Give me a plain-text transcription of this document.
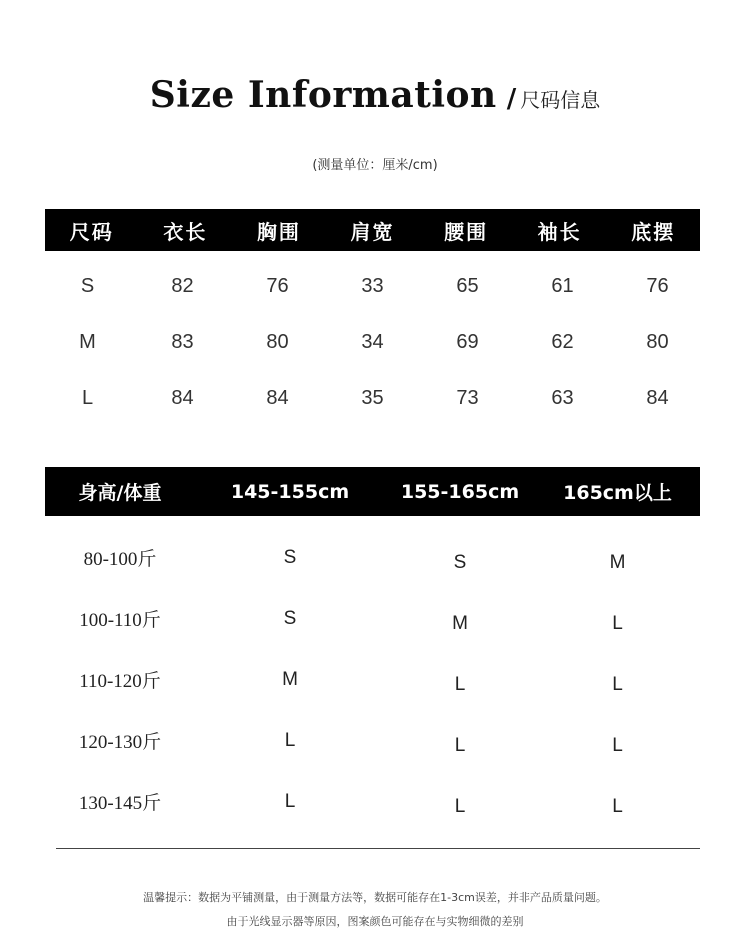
Size Information / 尺码信息
(测量单位：厘米/cm)
尺码	衣长	胸围	肩宽	腰围	袖长	底摆
S	82	76	33	65	61	76
M	83	80	34	69	62	80
L	84	84	35	73	63	84
身高/体重	145-155cm	155-165cm	165cm以上
80-100斤	S	S	M
100-110斤	S	M	L
110-120斤	M	L	L
120-130斤	L	L	L
130-145斤	L	L	L
温馨提示：数据为平铺测量，由于测量方法等，数据可能存在1-3cm误差，并非产品质量问题。
由于光线显示器等原因，图案颜色可能存在与实物细微的差别
